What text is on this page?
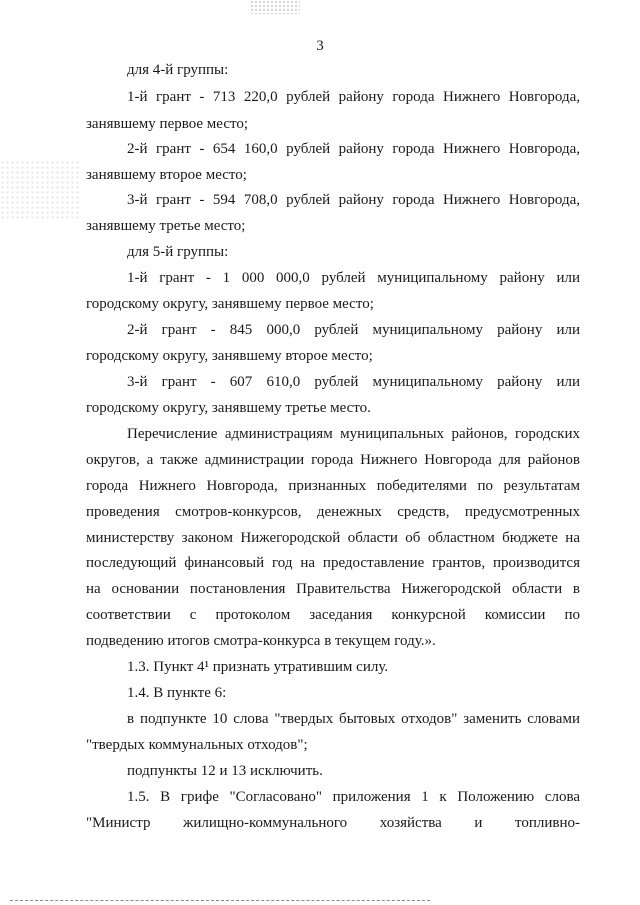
3
для 4-й группы:
1-й грант - 713 220,0 рублей району города Нижнего Новгорода,
занявшему первое место;
2-й грант - 654 160,0 рублей району города Нижнего Новгорода,
занявшему второе место;
3-й грант - 594 708,0 рублей району города Нижнего Новгорода,
занявшему третье место;
для 5-й группы:
1-й грант - 1 000 000,0 рублей муниципальному району или
городскому округу, занявшему первое место;
2-й грант - 845 000,0 рублей муниципальному району или
городскому округу, занявшему второе место;
3-й грант - 607 610,0 рублей муниципальному району или
городскому округу, занявшему третье место.
Перечисление администрациям муниципальных районов, городских
округов, а также администрации города Нижнего Новгорода для районов
города Нижнего Новгорода, признанных победителями по результатам
проведения смотров-конкурсов, денежных средств, предусмотренных
министерству законом Нижегородской области об областном бюджете на
последующий финансовый год на предоставление грантов, производится
на основании постановления Правительства Нижегородской области в
соответствии с протоколом заседания конкурсной комиссии по
подведению итогов смотра-конкурса в текущем году.».
1.3. Пункт 4¹ признать утратившим силу.
1.4. В пункте 6:
в подпункте 10 слова "твердых бытовых отходов" заменить словами
"твердых коммунальных отходов";
подпункты 12 и 13 исключить.
1.5. В грифе "Согласовано" приложения 1 к Положению слова
"Министр жилищно-коммунального хозяйства и топливно-
